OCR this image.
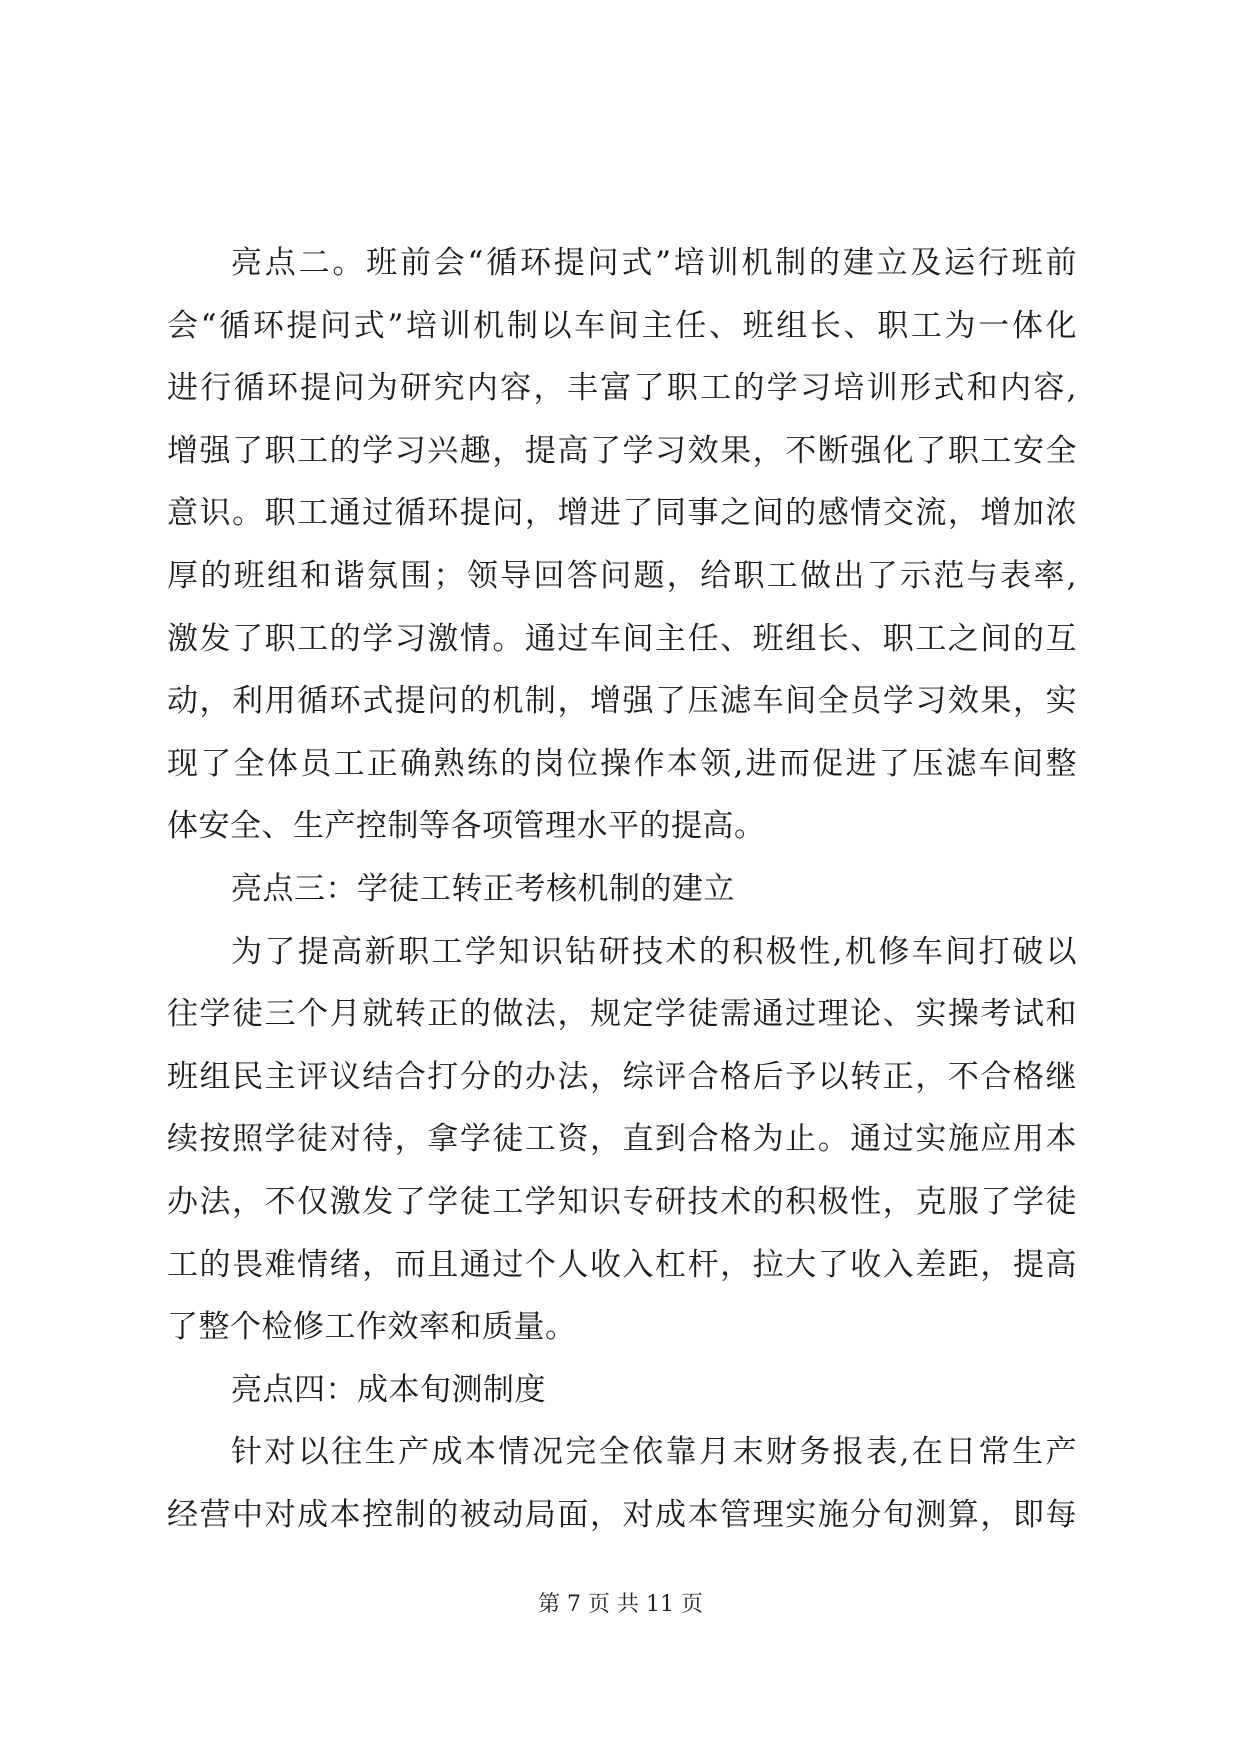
亮点二。班前会“循环提问式”培训机制的建立及运行班前
会“循环提问式”培训机制以车间主任、班组长、职工为一体化
进行循环提问为研究内容，丰富了职工的学习培训形式和内容,
增强了职工的学习兴趣，提高了学习效果，不断强化了职工安全
意识。职工通过循环提问，增进了同事之间的感情交流，增加浓
厚的班组和谐氛围；领导回答问题，给职工做出了示范与表率,
激发了职工的学习激情。通过车间主任、班组长、职工之间的互
动，利用循环式提问的机制，增强了压滤车间全员学习效果，实
现了全体员工正确熟练的岗位操作本领,进而促进了压滤车间整
体安全、生产控制等各项管理水平的提高。
亮点三：学徒工转正考核机制的建立
为了提高新职工学知识钻研技术的积极性,机修车间打破以
往学徒三个月就转正的做法，规定学徒需通过理论、实操考试和
班组民主评议结合打分的办法，综评合格后予以转正，不合格继
续按照学徒对待，拿学徒工资，直到合格为止。通过实施应用本
办法，不仅激发了学徒工学知识专研技术的积极性，克服了学徒
工的畏难情绪，而且通过个人收入杠杆，拉大了收入差距，提高
了整个检修工作效率和质量。
亮点四：成本旬测制度
针对以往生产成本情况完全依靠月末财务报表,在日常生产
经营中对成本控制的被动局面，对成本管理实施分旬测算，即每
第 7 页 共 11 页
